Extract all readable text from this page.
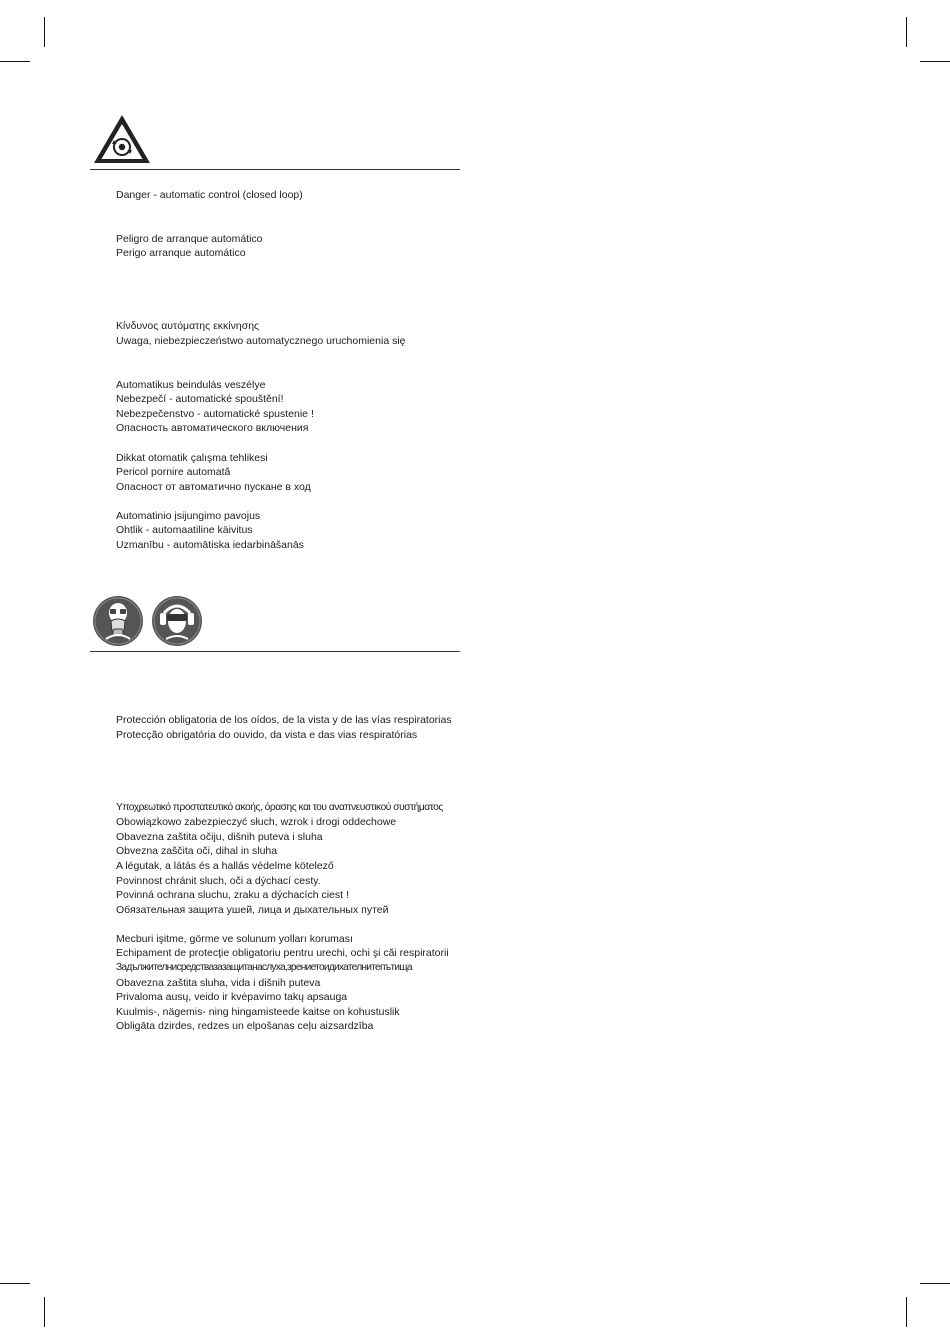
Danger - automatic control (closed loop)
Peligro de arranque automático
Perigo arranque automático
Κίνδυνος αυτόματης εκκίνησης
Uwaga, niebezpieczeństwo automatycznego uruchomienia się
Automatikus beindulás veszélye
Nebezpečí - automatické spouštění!
Nebezpečenstvo - automatické spustenie !
Опасность автоматического включения
Dikkat otomatik çalışma tehlikesi
Pericol pornire automată
Опасност от автоматично пускане в ход
Automatinio įsijungimo pavojus
Ohtlik - automaatiline käivitus
Uzmanību - automātiska iedarbināšanās
Protección obligatoria de los oídos, de la vista y de las vías respiratorias
Protecção obrigatória do ouvido, da vista e das vias respiratórias
Υποχρεωτικό προστατευτικό ακοής, όρασης και του αναπνευστικού συστήματος
Obowiązkowo zabezpieczyć słuch, wzrok i drogi oddechowe
Obavezna zaštita očiju, dišnih puteva i sluha
Obvezna zaščita oči, dihal in sluha
A légutak, a látás és a hallás védelme kötelező
Povinnost chránit sluch, oči a dýchací cesty.
Povinná ochrana sluchu, zraku a dýchacích ciest !
Обязательная защита ушей, лица и дыхательных путей
Mecburi işitme, görme ve solunum yolları koruması
Echipament de protecţie obligatoriu pentru urechi, ochi şi căi respiratorii
Задължителнисредствазазащитанаслуха,зрениетоидихателнитепътища
Obavezna zaštita sluha, vida i dišnih puteva
Privaloma ausų, veido ir kvėpavimo takų apsauga
Kuulmis-, nägemis- ning hingamisteede kaitse on kohustuslik
Obligāta dzirdes, redzes un elpošanas ceļu aizsardzība
